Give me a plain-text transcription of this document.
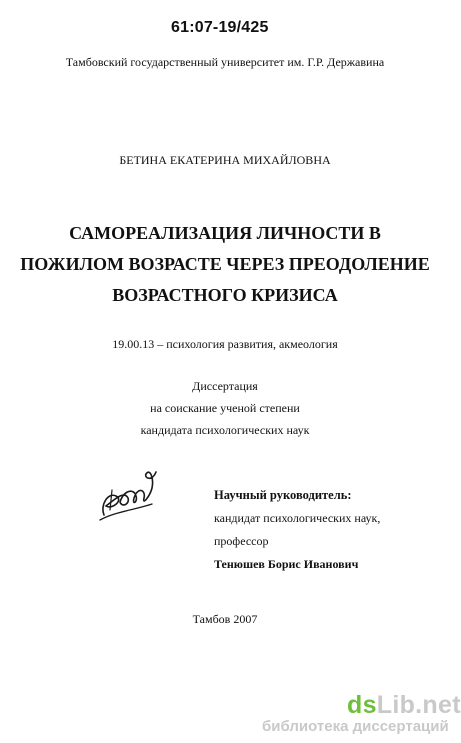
61:07-19/425
Тамбовский государственный университет им. Г.Р. Державина
БЕТИНА ЕКАТЕРИНА МИХАЙЛОВНА
САМОРЕАЛИЗАЦИЯ ЛИЧНОСТИ В
ПОЖИЛОМ ВОЗРАСТЕ ЧЕРЕЗ ПРЕОДОЛЕНИЕ
ВОЗРАСТНОГО КРИЗИСА
19.00.13 – психология развития, акмеология
Диссертация
на соискание ученой степени
кандидата психологических наук
Научный руководитель:
кандидат психологических наук,
профессор
Тенюшев Борис Иванович
Тамбов 2007
dsLib.net
библиотека диссертаций
